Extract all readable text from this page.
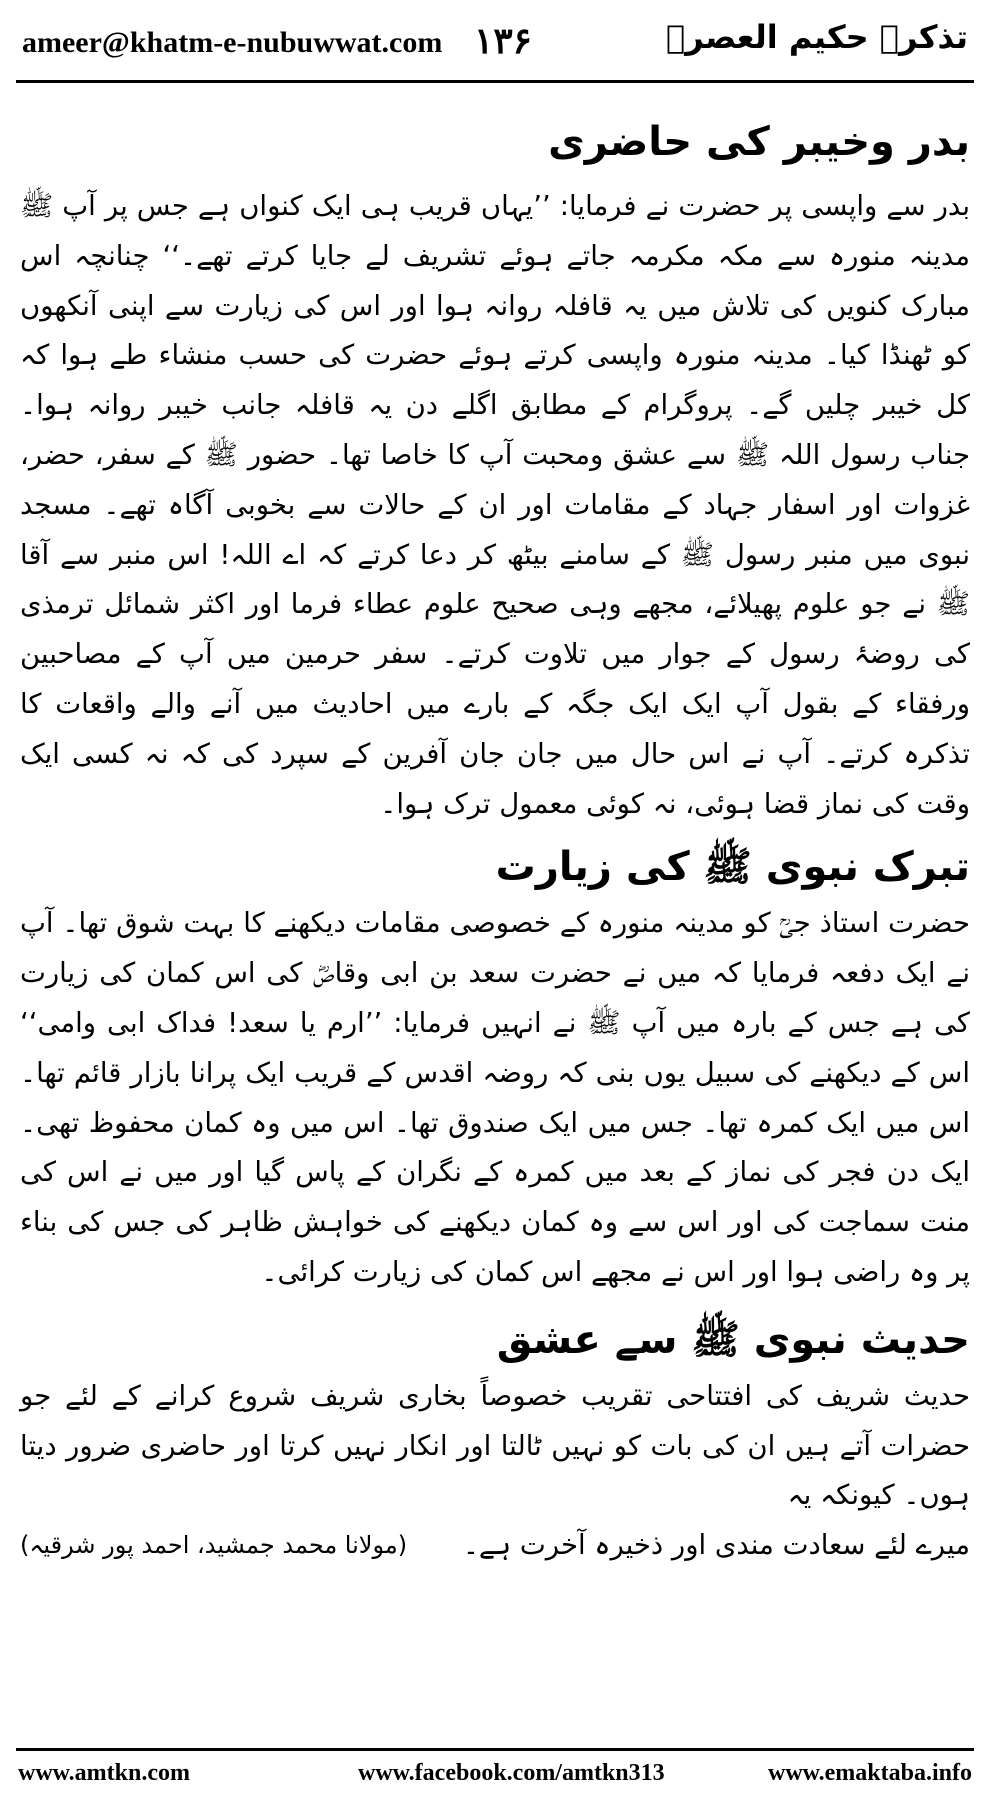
ameer@khatm-e-nubuwwat.com ۱۳۶	تذکرہ حکیم العصرؒ
بدر وخیبر کی حاضری

بدر سے واپسی پر حضرت نے فرمایا: ’’یہاں قریب ہی ایک کنواں ہے جس پر آپ ﷺ مدینہ منورہ سے مکہ مکرمہ جاتے ہوئے تشریف لے جایا کرتے تھے۔‘‘ چنانچہ اس مبارک کنویں کی تلاش میں یہ قافلہ روانہ ہوا اور اس کی زیارت سے اپنی آنکھوں کو ٹھنڈا کیا۔ مدینہ منورہ واپسی کرتے ہوئے حضرت کی حسب منشاء طے ہوا کہ کل خیبر چلیں گے۔ پروگرام کے مطابق اگلے دن یہ قافلہ جانب خیبر روانہ ہوا۔ جناب رسول اللہ ﷺ سے عشق ومحبت آپ کا خاصا تھا۔ حضور ﷺ کے سفر، حضر، غزوات اور اسفار جہاد کے مقامات اور ان کے حالات سے بخوبی آگاہ تھے۔ مسجد نبوی میں منبر رسول ﷺ کے سامنے بیٹھ کر دعا کرتے کہ اے اللہ! اس منبر سے آقا ﷺ نے جو علوم پھیلائے، مجھے وہی صحیح علوم عطاء فرما اور اکثر شمائل ترمذی کی روضۂ رسول کے جوار میں تلاوت کرتے۔ سفر حرمین میں آپ کے مصاحبین ورفقاء کے بقول آپ ایک ایک جگہ کے بارے میں احادیث میں آنے والے واقعات کا تذکرہ کرتے۔ آپ نے اس حال میں جان جان آفرین کے سپرد کی کہ نہ کسی ایک وقت کی نماز قضا ہوئی، نہ کوئی معمول ترک ہوا۔

تبرک نبوی ﷺ کی زیارت

حضرت استاذ جیؒ کو مدینہ منورہ کے خصوصی مقامات دیکھنے کا بہت شوق تھا۔ آپ نے ایک دفعہ فرمایا کہ میں نے حضرت سعد بن ابی وقاصؓ کی اس کمان کی زیارت کی ہے جس کے بارہ میں آپ ﷺ نے انہیں فرمایا: ’’ارم یا سعد! فداک ابی وامی‘‘ اس کے دیکھنے کی سبیل یوں بنی کہ روضہ اقدس کے قریب ایک پرانا بازار قائم تھا۔ اس میں ایک کمرہ تھا۔ جس میں ایک صندوق تھا۔ اس میں وہ کمان محفوظ تھی۔ ایک دن فجر کی نماز کے بعد میں کمرہ کے نگران کے پاس گیا اور میں نے اس کی منت سماجت کی اور اس سے وہ کمان دیکھنے کی خواہش ظاہر کی جس کی بناء پر وہ راضی ہوا اور اس نے مجھے اس کمان کی زیارت کرائی۔

حدیث نبوی ﷺ سے عشق

حدیث شریف کی افتتاحی تقریب خصوصاً بخاری شریف شروع کرانے کے لئے جو حضرات آتے ہیں ان کی بات کو نہیں ٹالتا اور انکار نہیں کرتا اور حاضری ضرور دیتا ہوں۔ کیونکہ یہ

میرے لئے سعادت مندی اور ذخیرہ آخرت ہے۔
(مولانا محمد جمشید، احمد پور شرقیہ)
www.amtkn.com	www.facebook.com/amtkn313	www.emaktaba.info
